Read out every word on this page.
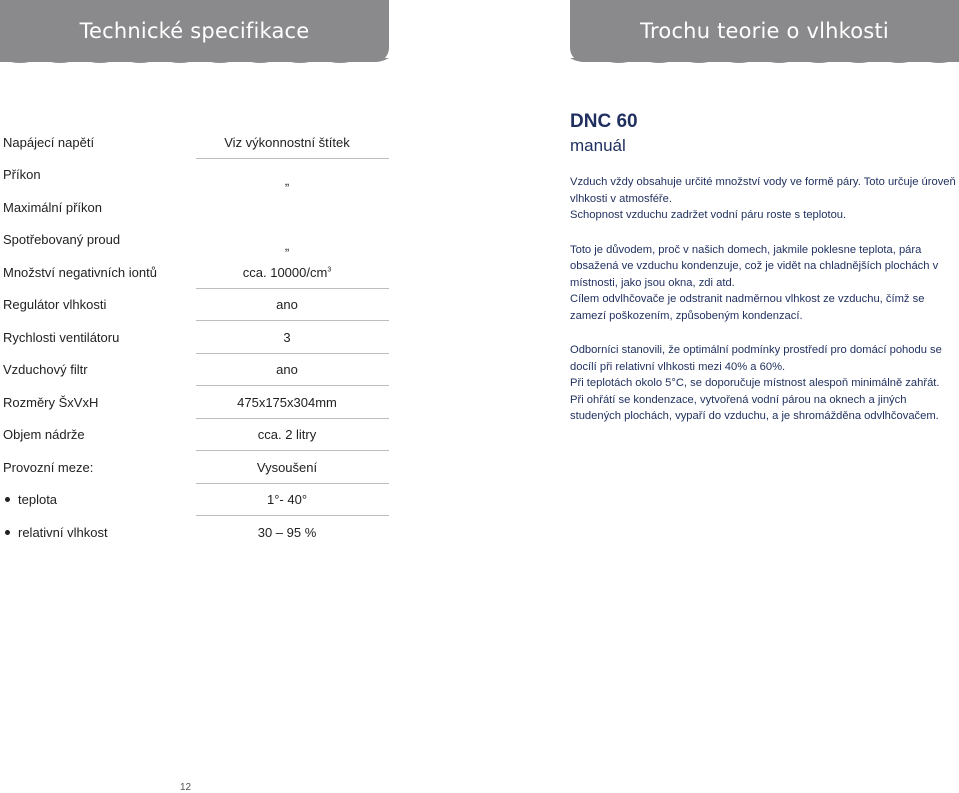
Technické specifikace	Trochu teorie o vlhkosti
Napájecí napětí	Viz výkonnostní štítek
Příkon	„
Maximální příkon
Spotřebovaný proud	„
Množství negativních iontů	cca. $10000/cm^3$
Regulátor vlhkosti	ano
Rychlosti ventilátoru	3
Vzduchový filtr	ano
Rozměry ŠxVxH	475x175x304mm
Objem nádrže	cca. 2 litry
Provozní meze:	Vysoušení
teplota	1°- 40°
relativní vlhkost	30 – 95 %
DNC 60
manuál

Vzduch vždy obsahuje určité množství vody ve formě páry. Toto určuje úroveň vlhkosti v atmosféře.

Schopnost vzduchu zadržet vodní páru roste s teplotou.

Toto je důvodem, proč v našich domech, jakmile poklesne teplota, pára obsažená ve vzduchu kondenzuje, což je vidět na chladnějších plochách v místnosti, jako jsou okna, zdi atd.

Cílem odvlhčovače je odstranit nadměrnou vlhkost ze vzduchu, čímž se zamezí poškozením, způsobeným kondenzací.

Odborníci stanovili, že optimální podmínky prostředí pro domácí pohodu se docílí při relativní vlhkosti mezi 40% a 60%.

Při teplotách okolo 5°C, se doporučuje místnost alespoň minimálně zahřát.

Při ohřátí se kondenzace, vytvořená vodní párou na oknech a jiných studených plochách, vypaří do vzduchu, a je shromážděna odvlhčovačem.

12
